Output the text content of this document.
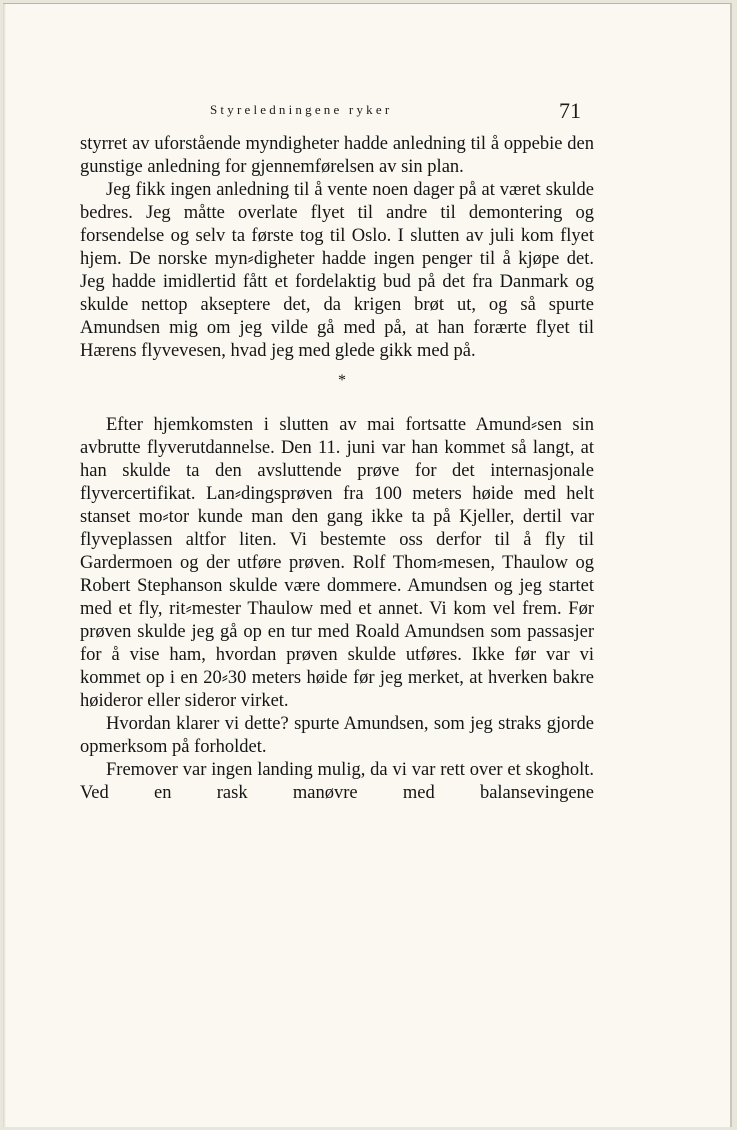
Styreledningene ryker	71

styrret av uforstående myndigheter hadde anledning til å oppebie den gunstige anledning for gjennemførelsen av sin plan.

Jeg fikk ingen anledning til å vente noen dager på at været skulde bedres. Jeg måtte overlate flyet til andre til demontering og forsendelse og selv ta første tog til Oslo. I slutten av juli kom flyet hjem. De norske myn⸗digheter hadde ingen penger til å kjøpe det. Jeg hadde imidlertid fått et fordelaktig bud på det fra Danmark og skulde nettop akseptere det, da krigen brøt ut, og så spurte Amundsen mig om jeg vilde gå med på, at han forærte flyet til Hærens flyvevesen, hvad jeg med glede gikk med på.

*

Efter hjemkomsten i slutten av mai fortsatte Amund⸗sen sin avbrutte flyverutdannelse. Den 11. juni var han kommet så langt, at han skulde ta den avsluttende prøve for det internasjonale flyvercertifikat. Lan⸗dingsprøven fra 100 meters høide med helt stanset mo⸗tor kunde man den gang ikke ta på Kjeller, dertil var flyveplassen altfor liten. Vi bestemte oss derfor til å fly til Gardermoen og der utføre prøven. Rolf Thom⸗mesen, Thaulow og Robert Stephanson skulde være dommere. Amundsen og jeg startet med et fly, rit⸗mester Thaulow med et annet. Vi kom vel frem. Før prøven skulde jeg gå op en tur med Roald Amundsen som passasjer for å vise ham, hvordan prøven skulde utføres. Ikke før var vi kommet op i en 20⸗30 meters høide før jeg merket, at hverken bakre høideror eller sideror virket.

Hvordan klarer vi dette? spurte Amundsen, som jeg straks gjorde opmerksom på forholdet.

Fremover var ingen landing mulig, da vi var rett over et skogholt. Ved en rask manøvre med balansevingene
